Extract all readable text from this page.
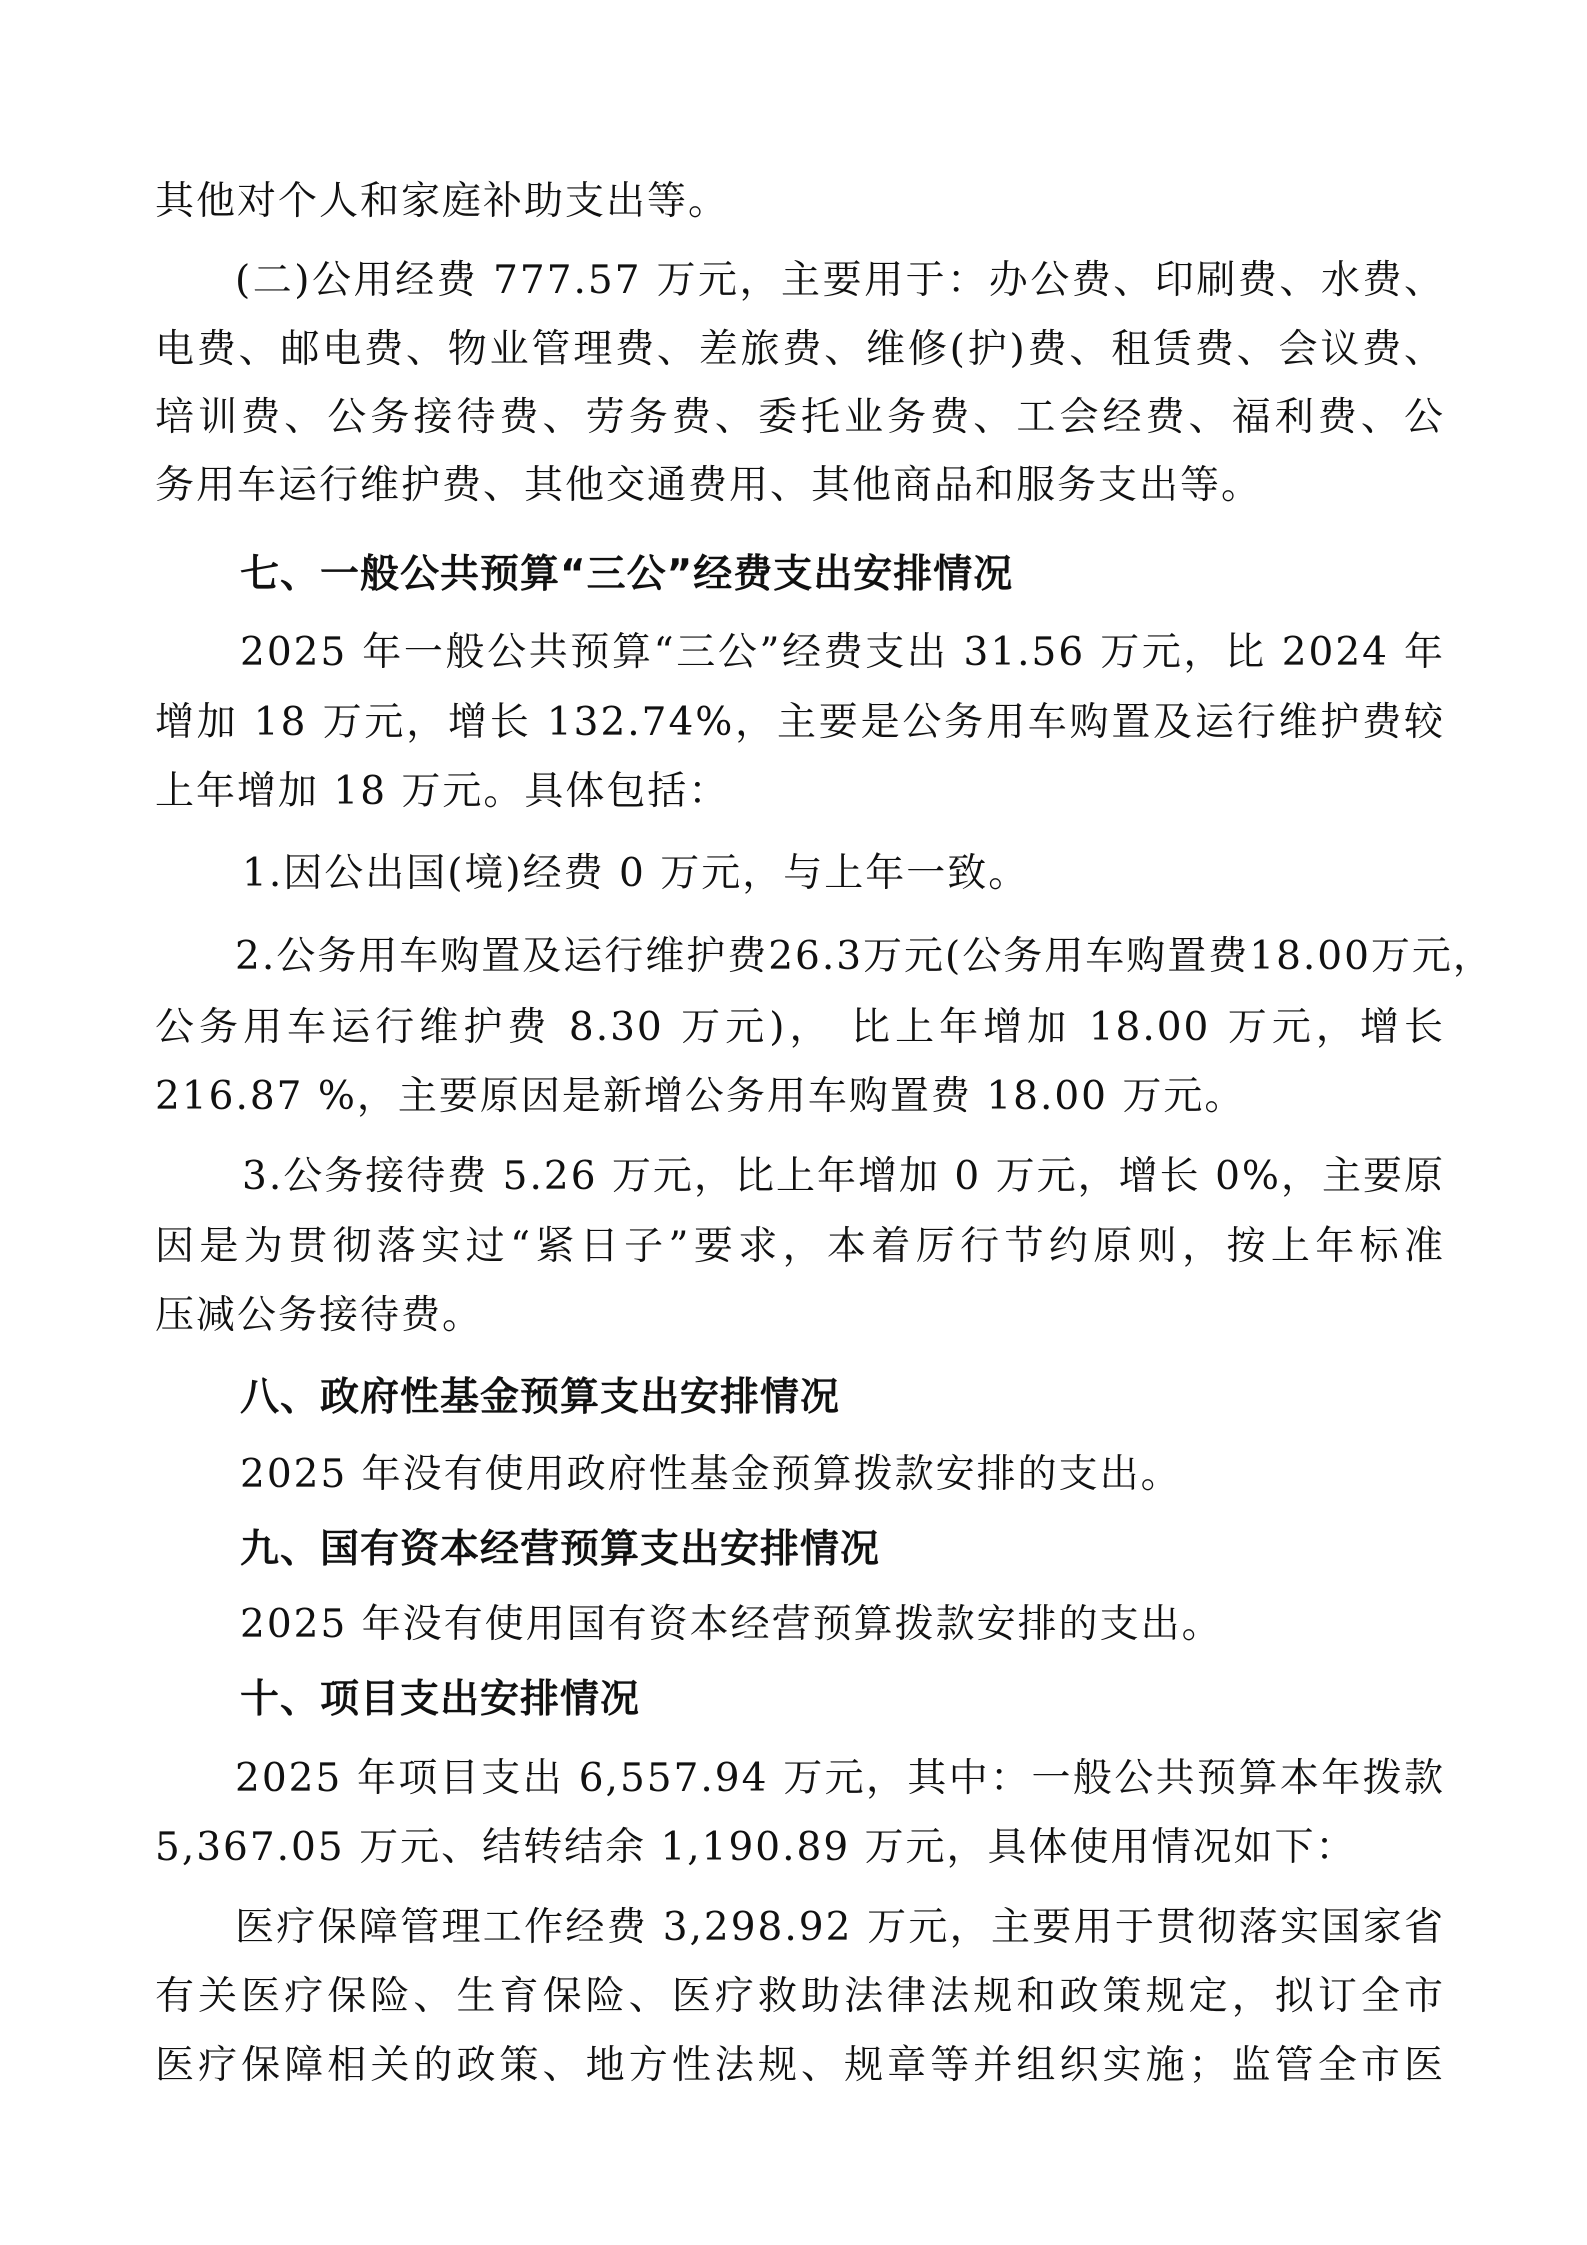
其他对个人和家庭补助支出等。
(二)公用经费 777.57 万元，主要用于：办公费、印刷费、水费、
电费、邮电费、物业管理费、差旅费、维修(护)费、租赁费、会议费、
培训费、公务接待费、劳务费、委托业务费、工会经费、福利费、公
务用车运行维护费、其他交通费用、其他商品和服务支出等。
七、一般公共预算“三公”经费支出安排情况
2025 年一般公共预算“三公”经费支出 31.56 万元，比 2024 年
增加 18 万元，增长 132.74%，主要是公务用车购置及运行维护费较
上年增加 18 万元。具体包括：
1.因公出国(境)经费 0 万元，与上年一致。
2.公务用车购置及运行维护费26.3万元(公务用车购置费18.00万元，
公务用车运行维护费 8.30 万元)， 比上年增加 18.00 万元，增长
216.87 %，主要原因是新增公务用车购置费 18.00 万元。
3.公务接待费 5.26 万元，比上年增加 0 万元，增长 0%，主要原
因是为贯彻落实过“紧日子”要求，本着厉行节约原则，按上年标准
压减公务接待费。
八、政府性基金预算支出安排情况
2025 年没有使用政府性基金预算拨款安排的支出。
九、国有资本经营预算支出安排情况
2025 年没有使用国有资本经营预算拨款安排的支出。
十、项目支出安排情况
2025 年项目支出 6,557.94 万元，其中：一般公共预算本年拨款
5,367.05 万元、结转结余 1,190.89 万元，具体使用情况如下：
医疗保障管理工作经费 3,298.92 万元，主要用于贯彻落实国家省
有关医疗保险、生育保险、医疗救助法律法规和政策规定，拟订全市
医疗保障相关的政策、地方性法规、规章等并组织实施；监管全市医
